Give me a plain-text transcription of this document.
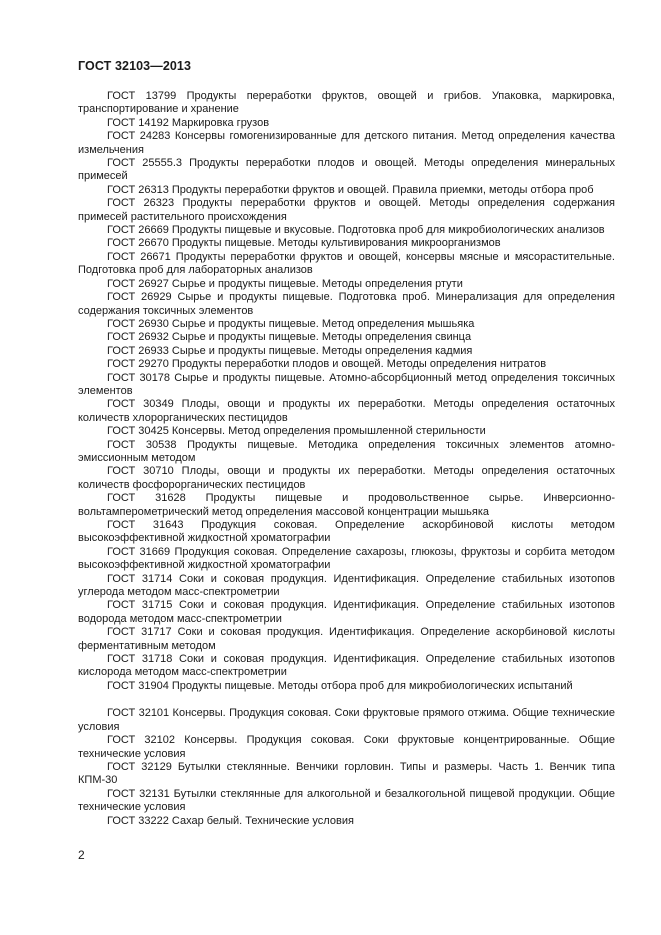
ГОСТ 32103—2013

ГОСТ 13799 Продукты переработки фруктов, овощей и грибов. Упаковка, маркировка, транспортирование и хранение

ГОСТ 14192 Маркировка грузов

ГОСТ 24283 Консервы гомогенизированные для детского питания. Метод определения качества измельчения

ГОСТ 25555.3 Продукты переработки плодов и овощей. Методы определения минеральных примесей

ГОСТ 26313 Продукты переработки фруктов и овощей. Правила приемки, методы отбора проб

ГОСТ 26323 Продукты переработки фруктов и овощей. Методы определения содержания примесей растительного происхождения

ГОСТ 26669 Продукты пищевые и вкусовые. Подготовка проб для микробиологических анализов

ГОСТ 26670 Продукты пищевые. Методы культивирования микроорганизмов

ГОСТ 26671 Продукты переработки фруктов и овощей, консервы мясные и мясорастительные. Подготовка проб для лабораторных анализов

ГОСТ 26927 Сырье и продукты пищевые. Методы определения ртути

ГОСТ 26929 Сырье и продукты пищевые. Подготовка проб. Минерализация для определения содержания токсичных элементов

ГОСТ 26930 Сырье и продукты пищевые. Метод определения мышьяка

ГОСТ 26932 Сырье и продукты пищевые. Методы определения свинца

ГОСТ 26933 Сырье и продукты пищевые. Методы определения кадмия

ГОСТ 29270 Продукты переработки плодов и овощей. Методы определения нитратов

ГОСТ 30178 Сырье и продукты пищевые. Атомно-абсорбционный метод определения токсичных элементов

ГОСТ 30349 Плоды, овощи и продукты их переработки. Методы определения остаточных количеств хлорорганических пестицидов

ГОСТ 30425 Консервы. Метод определения промышленной стерильности

ГОСТ 30538 Продукты пищевые. Методика определения токсичных элементов атомно-эмиссионным методом

ГОСТ 30710 Плоды, овощи и продукты их переработки. Методы определения остаточных количеств фосфорорганических пестицидов

ГОСТ 31628 Продукты пищевые и продовольственное сырье. Инверсионно-вольтамперометрический метод определения массовой концентрации мышьяка

ГОСТ 31643 Продукция соковая. Определение аскорбиновой кислоты методом высокоэффективной жидкостной хроматографии

ГОСТ 31669 Продукция соковая. Определение сахарозы, глюкозы, фруктозы и сорбита методом высокоэффективной жидкостной хроматографии

ГОСТ 31714 Соки и соковая продукция. Идентификация. Определение стабильных изотопов углерода методом масс-спектрометрии

ГОСТ 31715 Соки и соковая продукция. Идентификация. Определение стабильных изотопов водорода методом масс-спектрометрии

ГОСТ 31717 Соки и соковая продукция. Идентификация. Определение аскорбиновой кислоты ферментативным методом

ГОСТ 31718 Соки и соковая продукция. Идентификация. Определение стабильных изотопов кислорода методом масс-спектрометрии

ГОСТ 31904 Продукты пищевые. Методы отбора проб для микробиологических испытаний

ГОСТ 32101 Консервы. Продукция соковая. Соки фруктовые прямого отжима. Общие технические условия

ГОСТ 32102 Консервы. Продукция соковая. Соки фруктовые концентрированные. Общие технические условия

ГОСТ 32129 Бутылки стеклянные. Венчики горловин. Типы и размеры. Часть 1. Венчик типа КПМ-30

ГОСТ 32131 Бутылки стеклянные для алкогольной и безалкогольной пищевой продукции. Общие технические условия

ГОСТ 33222 Сахар белый. Технические условия

2
